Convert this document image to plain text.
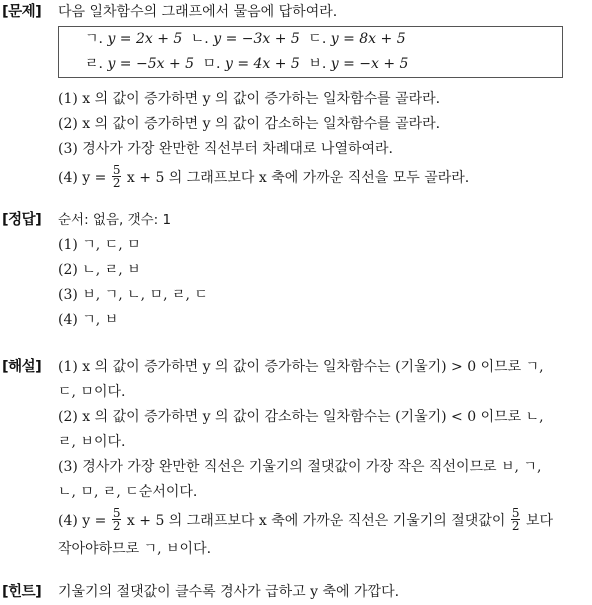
[문제] 다음 일차함수의 그래프에서 물음에 답하여라.
ㄱ. y = 2x + 5 ㄴ. y = −3x + 5 ㄷ. y = 8x + 5
ㄹ. y = −5x + 5 ㅁ. y = 4x + 5 ㅂ. y = −x + 5
(1) x 의 값이 증가하면 y 의 값이 증가하는 일차함수를 골라라.
(2) x 의 값이 증가하면 y 의 값이 감소하는 일차함수를 골라라.
(3) 경사가 가장 완만한 직선부터 차례대로 나열하여라.
(4) $y = \frac{5}{2}$ x + 5 의 그래프보다 x 축에 가까운 직선을 모두 골라라.
[정답] 순서: 없음, 갯수: 1
(1) ㄱ, ㄷ, ㅁ
(2) ㄴ, ㄹ, ㅂ
(3) ㅂ, ㄱ, ㄴ, ㅁ, ㄹ, ㄷ
(4) ㄱ, ㅂ
[해설] (1) x 의 값이 증가하면 y 의 값이 증가하는 일차함수는 (기울기) > 0 이므로 ㄱ,
ㄷ, ㅁ이다.
(2) x 의 값이 증가하면 y 의 값이 감소하는 일차함수는 (기울기) < 0 이므로 ㄴ,
ㄹ, ㅂ이다.
(3) 경사가 가장 완만한 직선은 기울기의 절댓값이 가장 작은 직선이므로 ㅂ, ㄱ,
ㄴ, ㅁ, ㄹ, ㄷ순서이다.
(4) $y = \frac{5}{2}$ x + 5 의 그래프보다 x 축에 가까운 직선은 기울기의 절댓값이 $\frac{5}{2}$ 보다
작아야하므로 ㄱ, ㅂ이다.
[힌트] 기울기의 절댓값이 클수록 경사가 급하고 y 축에 가깝다.
